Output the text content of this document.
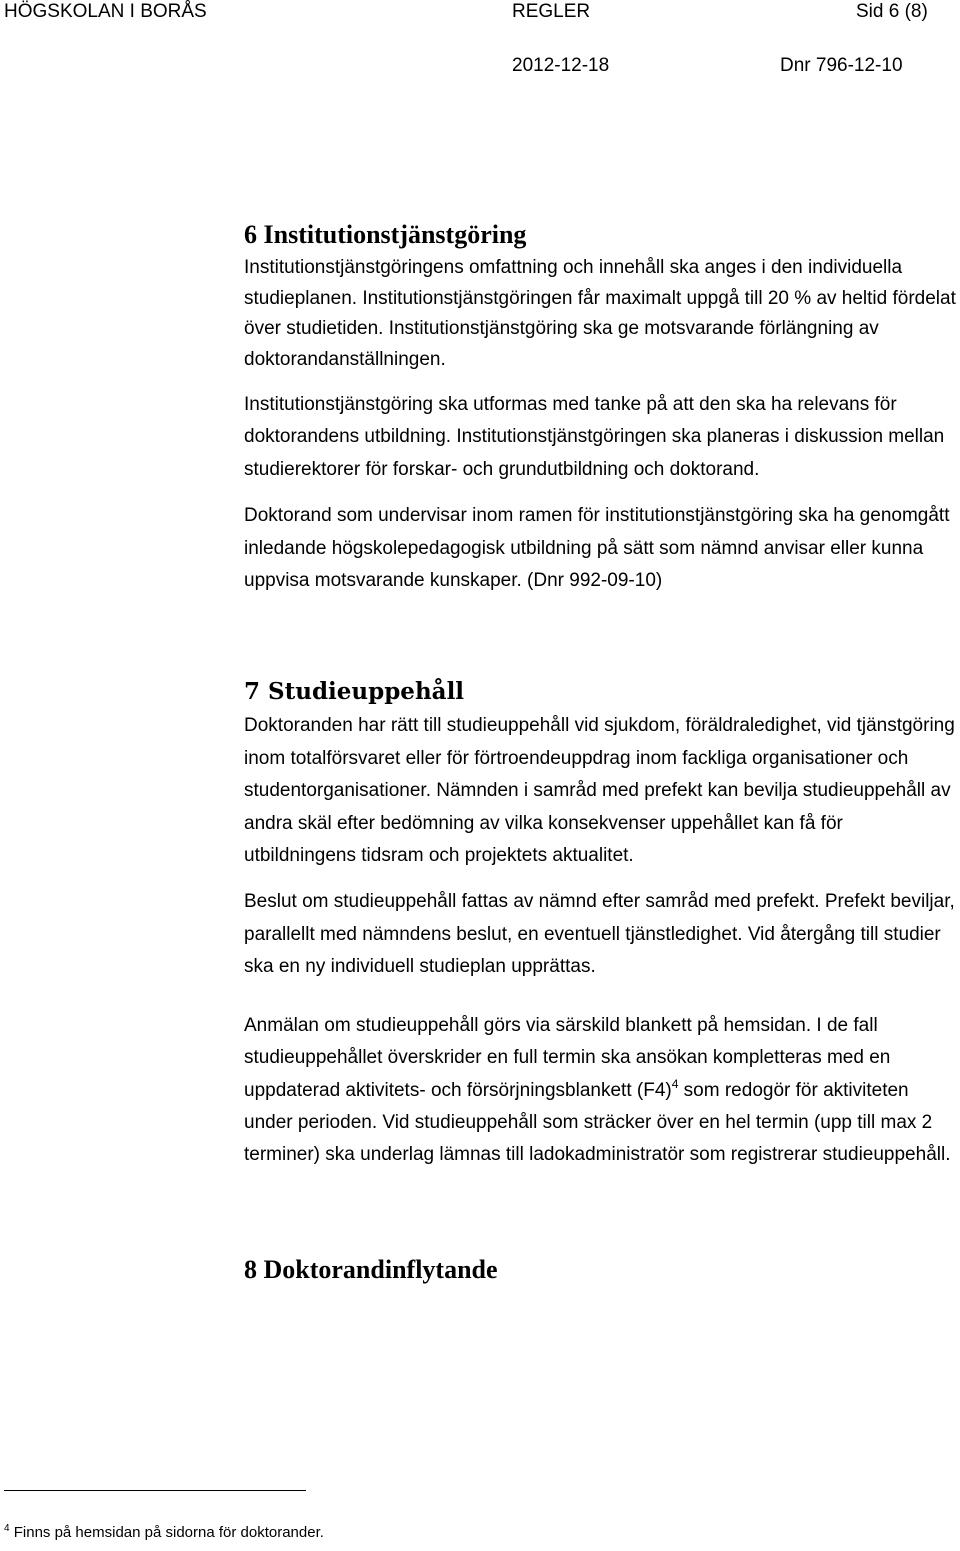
HÖGSKOLAN I BORÅS	REGLER	Sid 6 (8)
2012-12-18	Dnr 796-12-10
6 Institutionstjänstgöring

Institutionstjänstgöringens omfattning och innehåll ska anges i den individuella studieplanen. Institutionstjänstgöringen får maximalt uppgå till 20 % av heltid fördelat över studietiden. Institutionstjänstgöring ska ge motsvarande förlängning av doktorandanställningen.

Institutionstjänstgöring ska utformas med tanke på att den ska ha relevans för doktorandens utbildning. Institutionstjänstgöringen ska planeras i diskussion mellan studierektorer för forskar- och grundutbildning och doktorand.

Doktorand som undervisar inom ramen för institutionstjänstgöring ska ha genomgått inledande högskolepedagogisk utbildning på sätt som nämnd anvisar eller kunna uppvisa motsvarande kunskaper. (Dnr 992-09-10)

7 Studieuppehåll

Doktoranden har rätt till studieuppehåll vid sjukdom, föräldraledighet, vid tjänstgöring inom totalförsvaret eller för förtroendeuppdrag inom fackliga organisationer och studentorganisationer. Nämnden i samråd med prefekt kan bevilja studieuppehåll av andra skäl efter bedömning av vilka konsekvenser uppehållet kan få för utbildningens tidsram och projektets aktualitet.

Beslut om studieuppehåll fattas av nämnd efter samråd med prefekt. Prefekt beviljar, parallellt med nämndens beslut, en eventuell tjänstledighet. Vid återgång till studier ska en ny individuell studieplan upprättas.

Anmälan om studieuppehåll görs via särskild blankett på hemsidan. I de fall studieuppehållet överskrider en full termin ska ansökan kompletteras med en uppdaterad aktivitets- och försörjningsblankett $(F4)^4$ som redogör för aktiviteten under perioden. Vid studieuppehåll som sträcker över en hel termin (upp till max 2 terminer) ska underlag lämnas till ladokadministratör som registrerar studieuppehåll.

8 Doktorandinflytande
$^4$ Finns på hemsidan på sidorna för doktorander.
